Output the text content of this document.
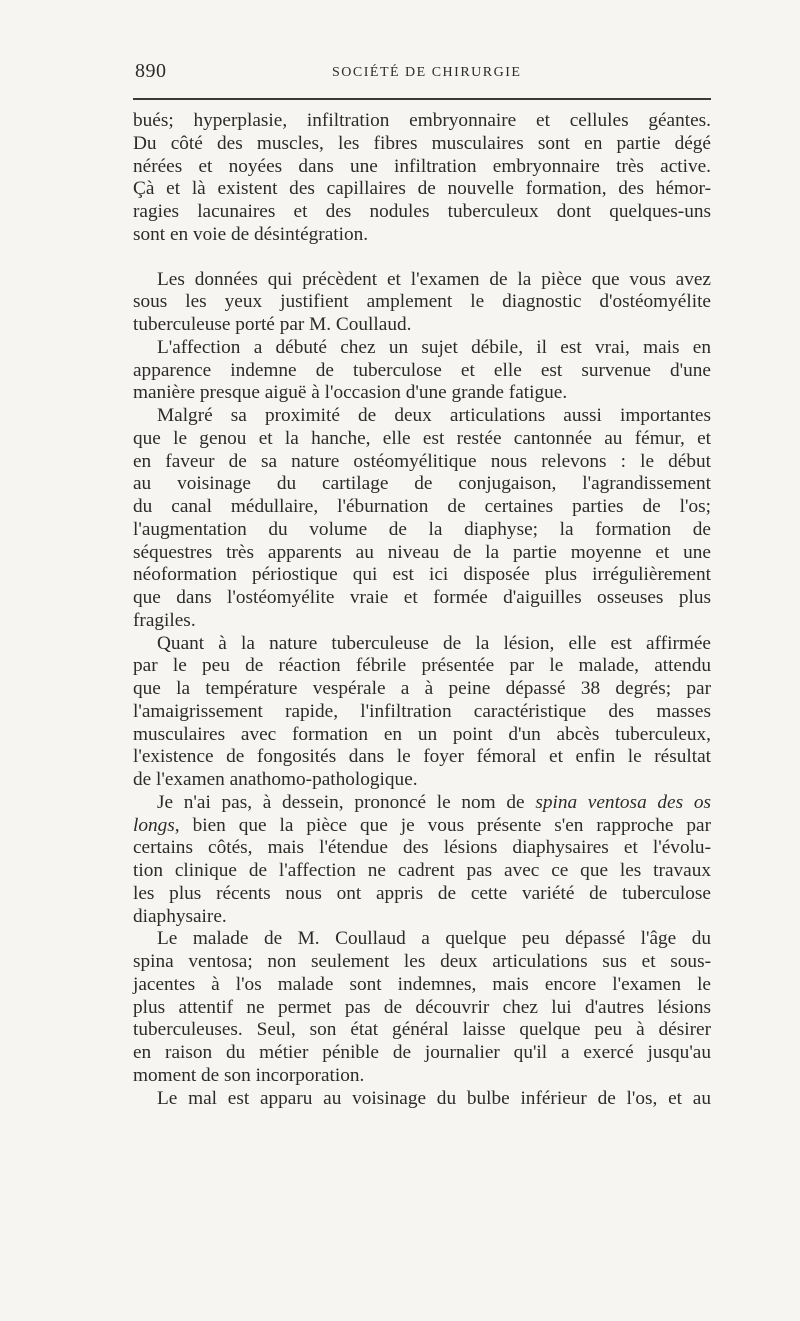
890	SOCIÉTÉ DE CHIRURGIE

bués; hyperplasie, infiltration embryonnaire et cellules géantes.
Du côté des muscles, les fibres musculaires sont en partie dégé
nérées et noyées dans une infiltration embryonnaire très active.
Çà et là existent des capillaires de nouvelle formation, des hémor-
ragies lacunaires et des nodules tuberculeux dont quelques-uns
sont en voie de désintégration.

Les données qui précèdent et l'examen de la pièce que vous avez
sous les yeux justifient amplement le diagnostic d'ostéomyélite
tuberculeuse porté par M. Coullaud.

L'affection a débuté chez un sujet débile, il est vrai, mais en
apparence indemne de tuberculose et elle est survenue d'une
manière presque aiguë à l'occasion d'une grande fatigue.

Malgré sa proximité de deux articulations aussi importantes
que le genou et la hanche, elle est restée cantonnée au fémur, et
en faveur de sa nature ostéomyélitique nous relevons : le début
au voisinage du cartilage de conjugaison, l'agrandissement
du canal médullaire, l'éburnation de certaines parties de l'os;
l'augmentation du volume de la diaphyse; la formation de
séquestres très apparents au niveau de la partie moyenne et une
néoformation périostique qui est ici disposée plus irrégulièrement
que dans l'ostéomyélite vraie et formée d'aiguilles osseuses plus
fragiles.

Quant à la nature tuberculeuse de la lésion, elle est affirmée
par le peu de réaction fébrile présentée par le malade, attendu
que la température vespérale a à peine dépassé 38 degrés; par
l'amaigrissement rapide, l'infiltration caractéristique des masses
musculaires avec formation en un point d'un abcès tuberculeux,
l'existence de fongosités dans le foyer fémoral et enfin le résultat
de l'examen anathomo-pathologique.

Je n'ai pas, à dessein, prononcé le nom de spina ventosa des os
longs, bien que la pièce que je vous présente s'en rapproche par
certains côtés, mais l'étendue des lésions diaphysaires et l'évolu-
tion clinique de l'affection ne cadrent pas avec ce que les travaux
les plus récents nous ont appris de cette variété de tuberculose
diaphysaire.

Le malade de M. Coullaud a quelque peu dépassé l'âge du
spina ventosa; non seulement les deux articulations sus et sous-
jacentes à l'os malade sont indemnes, mais encore l'examen le
plus attentif ne permet pas de découvrir chez lui d'autres lésions
tuberculeuses. Seul, son état général laisse quelque peu à désirer
en raison du métier pénible de journalier qu'il a exercé jusqu'au
moment de son incorporation.

Le mal est apparu au voisinage du bulbe inférieur de l'os, et au
